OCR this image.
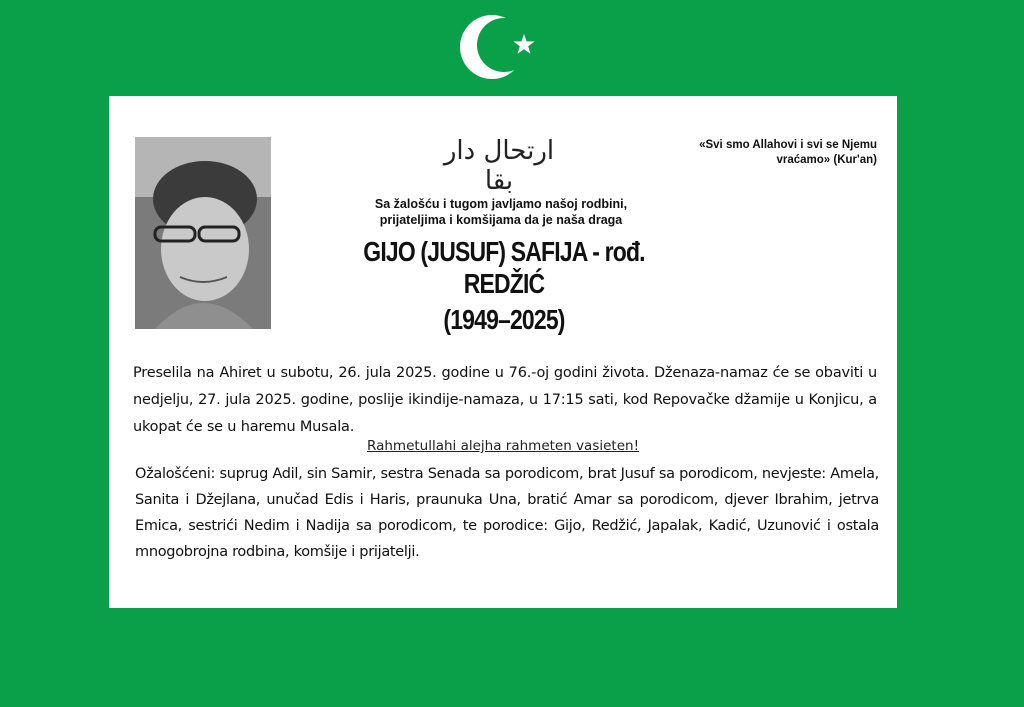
ارتحال دار بقا
«Svi smo Allahovi i svi se Njemu vraćamo» (Kur'an)
Sa žalošću i tugom javljamo našoj rodbini,
prijateljima i komšijama da je naša draga
GIJO (JUSUF) SAFIJA - rođ. REDŽIĆ
(1949–2025)
Preselila na Ahiret u subotu, 26. jula 2025. godine u 76.-oj godini života. Dženaza-namaz će se obaviti u nedjelju, 27. jula 2025. godine, poslije ikindije-namaza, u 17:15 sati, kod Repovačke džamije u Konjicu, a ukopat će se u haremu Musala.
Rahmetullahi alejha rahmeten vasieten!
Ožalošćeni: suprug Adil, sin Samir, sestra Senada sa porodicom, brat Jusuf sa porodicom, nevjeste: Amela, Sanita i Džejlana, unučad Edis i Haris, praunuka Una, bratić Amar sa porodicom, djever Ibrahim, jetrva Emica, sestrići Nedim i Nadija sa porodicom, te porodice: Gijo, Redžić, Japalak, Kadić, Uzunović i ostala mnogobrojna rodbina, komšije i prijatelji.
